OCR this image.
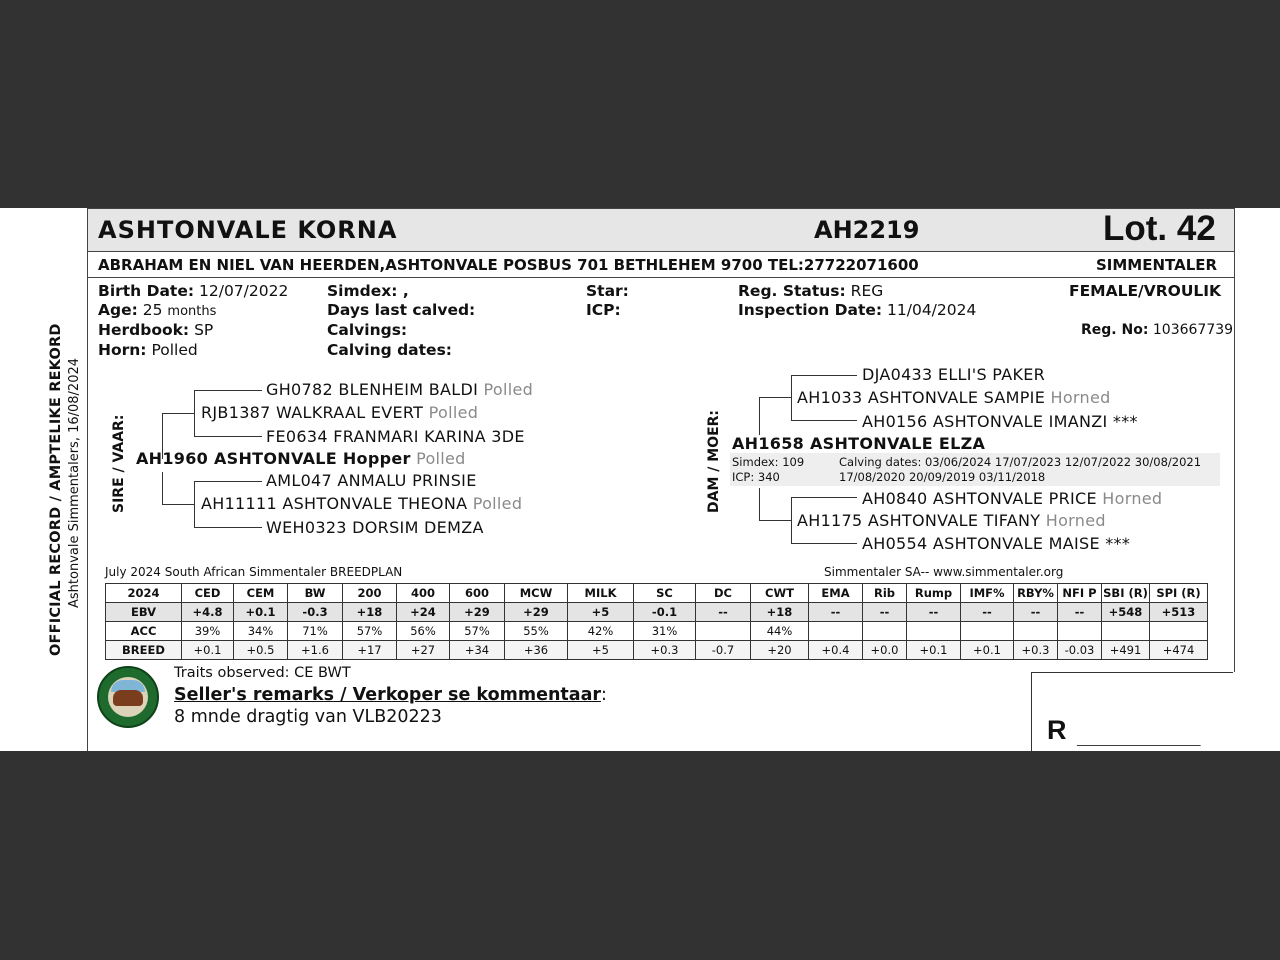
OFFICIAL RECORD / AMPTELIKE REKORD Ashtonvale Simmentalers, 16/08/2024
ASHTONVALE KORNA	AH2219	Lot. 42
ABRAHAM EN NIEL VAN HEERDEN,ASHTONVALE POSBUS 701 BETHLEHEM 9700 TEL:27722071600	SIMMENTALER
Birth Date: 12/07/2022
Age: 25 months
Herdbook: SP
Horn: Polled
Simdex: ,
Days last calved:
Calvings:
Calving dates:
Star:
ICP:
Reg. Status: REG
Inspection Date: 11/04/2024
FEMALE/VROULIK
Reg. No: 103667739
SIRE / VAAR:
GH0782 BLENHEIM BALDI Polled
RJB1387 WALKRAAL EVERT Polled
FE0634 FRANMARI KARINA 3DE
AH1960 ASHTONVALE Hopper Polled
AML047 ANMALU PRINSIE
AH11111 ASHTONVALE THEONA Polled
WEH0323 DORSIM DEMZA
DAM / MOER:
DJA0433 ELLI'S PAKER
AH1033 ASHTONVALE SAMPIE Horned
AH0156 ASHTONVALE IMANZI ***
AH1658 ASHTONVALE ELZA
Simdex: 109
ICP: 340
Calving dates: 03/06/2024 17/07/2023 12/07/2022 30/08/2021
17/08/2020 20/09/2019 03/11/2018
AH0840 ASHTONVALE PRICE Horned
AH1175 ASHTONVALE TIFANY Horned
AH0554 ASHTONVALE MAISE ***
July 2024 South African Simmentaler BREEDPLAN	Simmentaler SA-- www.simmentaler.org
2024	CED	CEM	BW	200	400	600	MCW	MILK	SC	DC	CWT	EMA	Rib	Rump	IMF%	RBY%	NFI P	SBI (R)	SPI (R)
EBV	+4.8	+0.1	-0.3	+18	+24	+29	+29	+5	-0.1	--	+18	--	--	--	--	--	--	+548	+513
ACC	39%	34%	71%	57%	56%	57%	55%	42%	31%		44%								
BREED	+0.1	+0.5	+1.6	+17	+27	+34	+36	+5	+0.3	-0.7	+20	+0.4	+0.0	+0.1	+0.1	+0.3	-0.03	+491	+474
Traits observed: CE BWT
Seller's remarks / Verkoper se kommentaar:
8 mnde dragtig van VLB20223	R ___________________
